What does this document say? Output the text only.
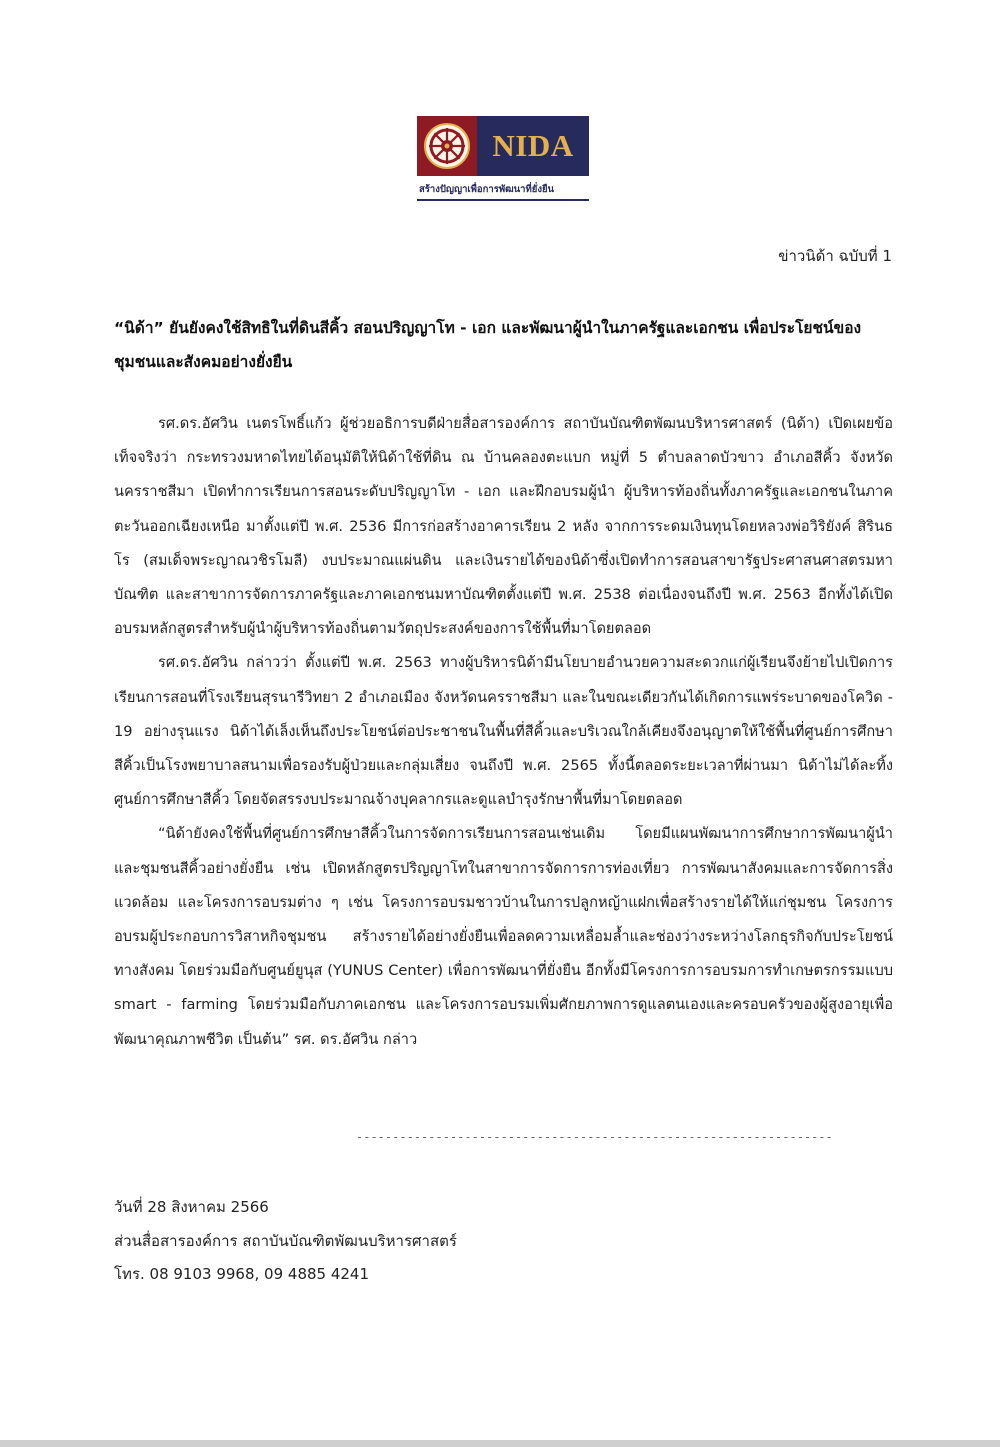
NIDA
สร้างปัญญาเพื่อการพัฒนาที่ยั่งยืน
ข่าวนิด้า ฉบับที่ 1
“นิด้า” ยันยังคงใช้สิทธิในที่ดินสีคิ้ว สอนปริญญาโท - เอก และพัฒนาผู้นำในภาครัฐและเอกชน เพื่อประโยชน์ของชุมชนและสังคมอย่างยั่งยืน

รศ.ดร.อัศวิน เนตรโพธิ์แก้ว ผู้ช่วยอธิการบดีฝ่ายสื่อสารองค์การ สถาบันบัณฑิตพัฒนบริหารศาสตร์ (นิด้า) เปิดเผยข้อเท็จจริงว่า กระทรวงมหาดไทยได้อนุมัติให้นิด้าใช้ที่ดิน ณ บ้านคลองตะแบก หมู่ที่ 5 ตำบลลาดบัวขาว อำเภอสีคิ้ว จังหวัดนครราชสีมา เปิดทำการเรียนการสอนระดับปริญญาโท - เอก และฝึกอบรมผู้นำ ผู้บริหารท้องถิ่นทั้งภาครัฐและเอกชนในภาคตะวันออกเฉียงเหนือ มาตั้งแต่ปี พ.ศ. 2536 มีการก่อสร้างอาคารเรียน 2 หลัง จากการระดมเงินทุนโดยหลวงพ่อวิริยังค์ สิรินธโร (สมเด็จพระญาณวชิรโมลี) งบประมาณแผ่นดิน และเงินรายได้ของนิด้าซึ่งเปิดทำการสอนสาขารัฐประศาสนศาสตรมหาบัณฑิต และสาขาการจัดการภาครัฐและภาคเอกชนมหาบัณฑิตตั้งแต่ปี พ.ศ. 2538 ต่อเนื่องจนถึงปี พ.ศ. 2563 อีกทั้งได้เปิดอบรมหลักสูตรสำหรับผู้นำผู้บริหารท้องถิ่นตามวัตถุประสงค์ของการใช้พื้นที่มาโดยตลอด

รศ.ดร.อัศวิน กล่าวว่า ตั้งแต่ปี พ.ศ. 2563 ทางผู้บริหารนิด้ามีนโยบายอำนวยความสะดวกแก่ผู้เรียนจึงย้ายไปเปิดการเรียนการสอนที่โรงเรียนสุรนารีวิทยา 2 อำเภอเมือง จังหวัดนครราชสีมา และในขณะเดียวกันได้เกิดการแพร่ระบาดของโควิด - 19 อย่างรุนแรง นิด้าได้เล็งเห็นถึงประโยชน์ต่อประชาชนในพื้นที่สีคิ้วและบริเวณใกล้เคียงจึงอนุญาตให้ใช้พื้นที่ศูนย์การศึกษาสีคิ้วเป็นโรงพยาบาลสนามเพื่อรองรับผู้ป่วยและกลุ่มเสี่ยง จนถึงปี พ.ศ. 2565 ทั้งนี้ตลอดระยะเวลาที่ผ่านมา นิด้าไม่ได้ละทิ้งศูนย์การศึกษาสีคิ้ว โดยจัดสรรงบประมาณจ้างบุคลากรและดูแลบำรุงรักษาพื้นที่มาโดยตลอด

“นิด้ายังคงใช้พื้นที่ศูนย์การศึกษาสีคิ้วในการจัดการเรียนการสอนเช่นเดิม โดยมีแผนพัฒนาการศึกษาการพัฒนาผู้นำและชุมชนสีคิ้วอย่างยั่งยืน เช่น เปิดหลักสูตรปริญญาโทในสาขาการจัดการการท่องเที่ยว การพัฒนาสังคมและการจัดการสิ่งแวดล้อม และโครงการอบรมต่าง ๆ เช่น โครงการอบรมชาวบ้านในการปลูกหญ้าแฝกเพื่อสร้างรายได้ให้แก่ชุมชน โครงการอบรมผู้ประกอบการวิสาหกิจชุมชน สร้างรายได้อย่างยั่งยืนเพื่อลดความเหลื่อมล้ำและช่องว่างระหว่างโลกธุรกิจกับประโยชน์ทางสังคม โดยร่วมมือกับศูนย์ยูนุส (YUNUS Center) เพื่อการพัฒนาที่ยั่งยืน อีกทั้งมีโครงการการอบรมการทำเกษตรกรรมแบบ smart - farming โดยร่วมมือกับภาคเอกชน และโครงการอบรมเพิ่มศักยภาพการดูแลตนเองและครอบครัวของผู้สูงอายุเพื่อพัฒนาคุณภาพชีวิต เป็นต้น” รศ. ดร.อัศวิน กล่าว

------------------------------------------------------------------
วันที่ 28 สิงหาคม 2566
ส่วนสื่อสารองค์การ สถาบันบัณฑิตพัฒนบริหารศาสตร์
โทร. 08 9103 9968, 09 4885 4241
